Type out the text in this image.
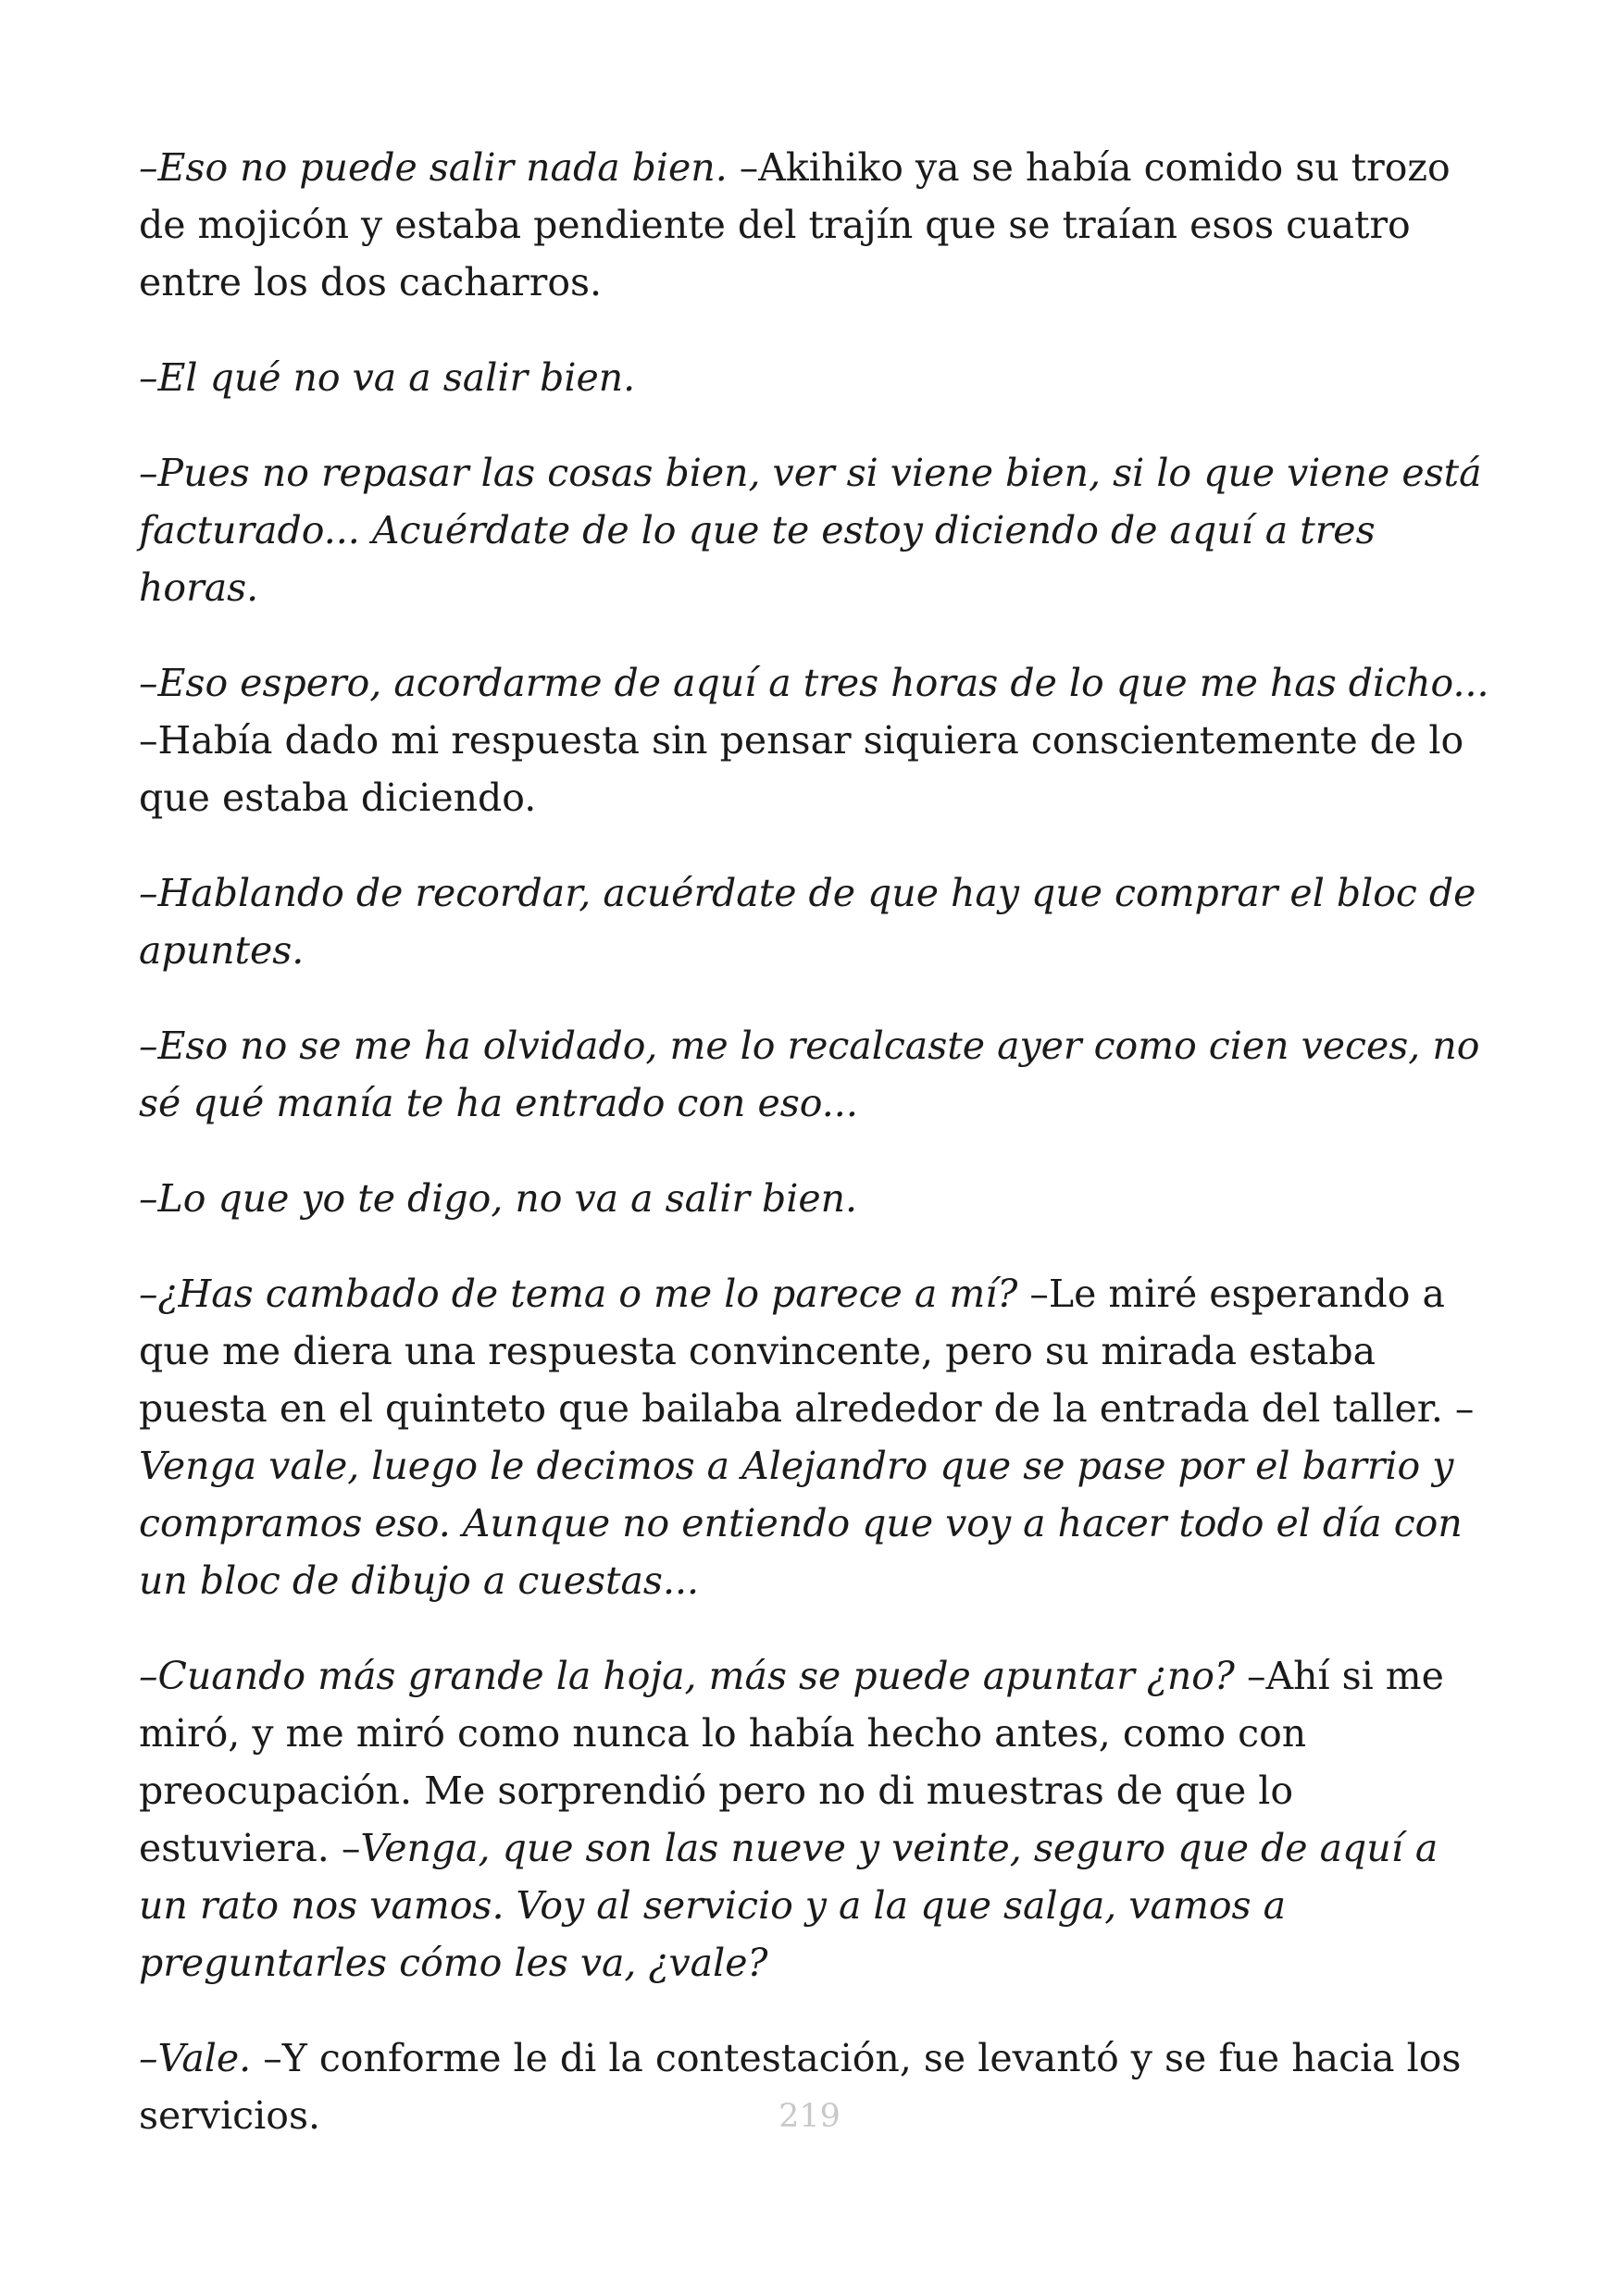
–Eso no puede salir nada bien. –Akihiko ya se había comido su trozo de mojicón y estaba pendiente del trajín que se traían esos cuatro entre los dos cacharros.

–El qué no va a salir bien.

–Pues no repasar las cosas bien, ver si viene bien, si lo que viene está facturado... Acuérdate de lo que te estoy diciendo de aquí a tres horas.

–Eso espero, acordarme de aquí a tres horas de lo que me has dicho... –Había dado mi respuesta sin pensar siquiera conscientemente de lo que estaba diciendo.

–Hablando de recordar, acuérdate de que hay que comprar el bloc de apuntes.

–Eso no se me ha olvidado, me lo recalcaste ayer como cien veces, no sé qué manía te ha entrado con eso...

–Lo que yo te digo, no va a salir bien.

–¿Has cambado de tema o me lo parece a mí? –Le miré esperando a que me diera una respuesta convincente, pero su mirada estaba puesta en el quinteto que bailaba alrededor de la entrada del taller. –Venga vale, luego le decimos a Alejandro que se pase por el barrio y compramos eso. Aunque no entiendo que voy a hacer todo el día con un bloc de dibujo a cuestas...

–Cuando más grande la hoja, más se puede apuntar ¿no? –Ahí si me miró, y me miró como nunca lo había hecho antes, como con preocupación. Me sorprendió pero no di muestras de que lo estuviera. –Venga, que son las nueve y veinte, seguro que de aquí a un rato nos vamos. Voy al servicio y a la que salga, vamos a preguntarles cómo les va, ¿vale?

–Vale. –Y conforme le di la contestación, se levantó y se fue hacia los servicios.	219
